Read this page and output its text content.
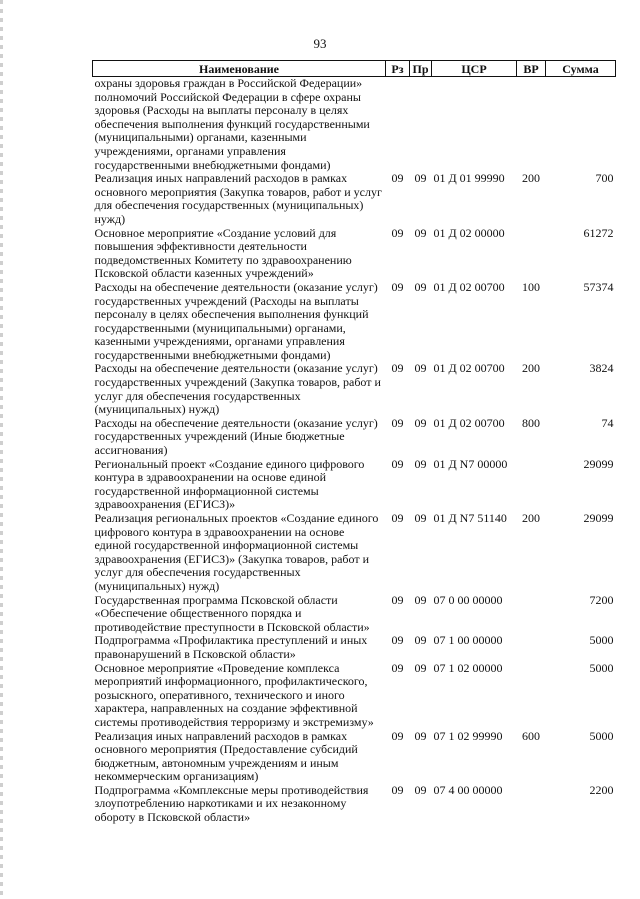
93
Наименование	Рз	Пр	ЦСР	ВР	Сумма
охраны здоровья граждан в Российской Федерации» полномочий Российской Федерации в сфере охраны здоровья (Расходы на выплаты персоналу в целях обеспечения выполнения функций государственными (муниципальными) органами, казенными учреждениями, органами управления государственными внебюджетными фондами)					
Реализация иных направлений расходов в рамках основного мероприятия (Закупка товаров, работ и услуг для обеспечения государственных (муниципальных) нужд)	09	09	01 Д 01 99990	200	700
Основное мероприятие «Создание условий для повышения эффективности деятельности подведомственных Комитету по здравоохранению Псковской области казенных учреждений»	09	09	01 Д 02 00000		61272
Расходы на обеспечение деятельности (оказание услуг) государственных учреждений (Расходы на выплаты персоналу в целях обеспечения выполнения функций государственными (муниципальными) органами, казенными учреждениями, органами управления государственными внебюджетными фондами)	09	09	01 Д 02 00700	100	57374
Расходы на обеспечение деятельности (оказание услуг) государственных учреждений (Закупка товаров, работ и услуг для обеспечения государственных (муниципальных) нужд)	09	09	01 Д 02 00700	200	3824
Расходы на обеспечение деятельности (оказание услуг) государственных учреждений (Иные бюджетные ассигнования)	09	09	01 Д 02 00700	800	74
Региональный проект «Создание единого цифрового контура в здравоохранении на основе единой государственной информационной системы здравоохранения (ЕГИСЗ)»	09	09	01 Д N7 00000		29099
Реализация региональных проектов «Создание единого цифрового контура в здравоохранении на основе единой государственной информационной системы здравоохранения (ЕГИСЗ)» (Закупка товаров, работ и услуг для обеспечения государственных (муниципальных) нужд)	09	09	01 Д N7 51140	200	29099
Государственная программа Псковской области «Обеспечение общественного порядка и противодействие преступности в Псковской области»	09	09	07 0 00 00000		7200
Подпрограмма «Профилактика преступлений и иных правонарушений в Псковской области»	09	09	07 1 00 00000		5000
Основное мероприятие «Проведение комплекса мероприятий информационного, профилактического, розыскного, оперативного, технического и иного характера, направленных на создание эффективной системы противодействия терроризму и экстремизму»	09	09	07 1 02 00000		5000
Реализация иных направлений расходов в рамках основного мероприятия (Предоставление субсидий бюджетным, автономным учреждениям и иным некоммерческим организациям)	09	09	07 1 02 99990	600	5000
Подпрограмма «Комплексные меры противодействия злоупотреблению наркотиками и их незаконному обороту в Псковской области»	09	09	07 4 00 00000		2200
